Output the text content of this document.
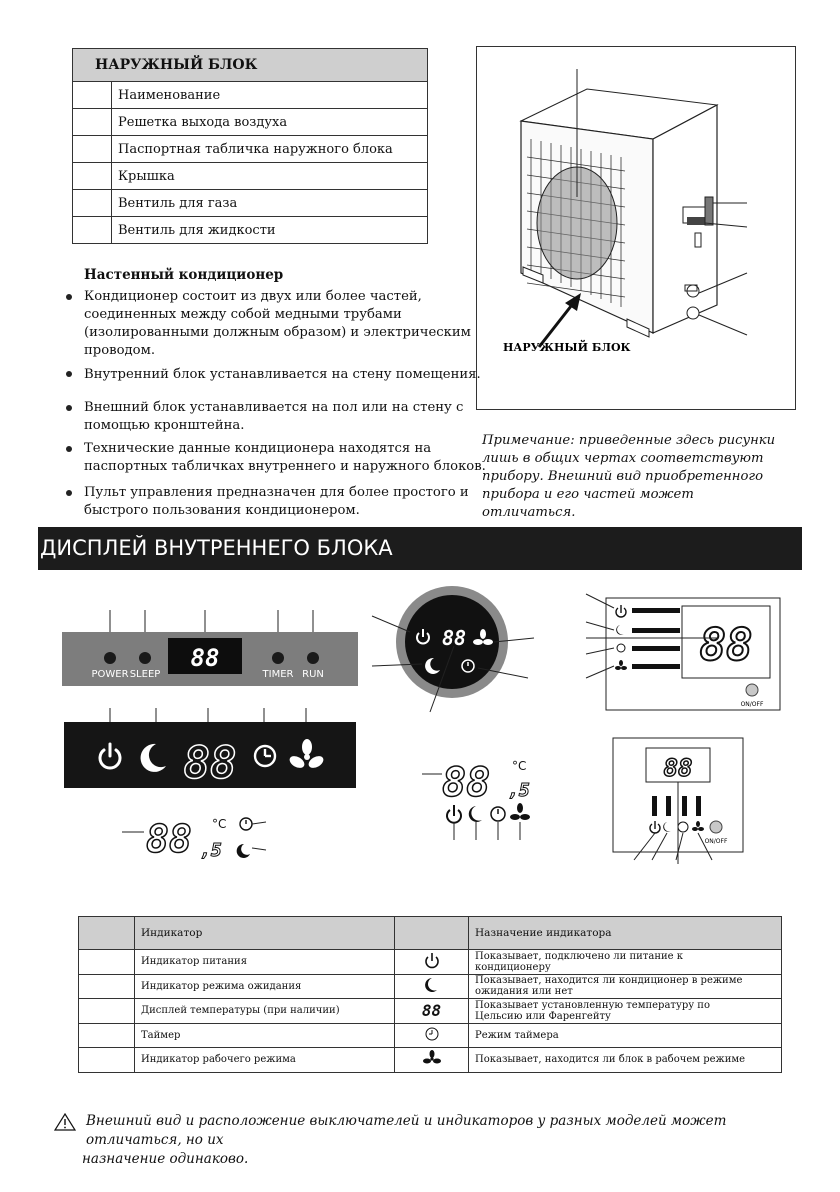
НАРУЖНЫЙ БЛОК	
	Наименование
	Решетка выхода воздуха
	Паспортная табличка наружного блока
	Крышка
	Вентиль для газа
	Вентиль для жидкости
НАРУЖНЫЙ БЛОК
Настенный кондиционер
Кондиционер состоит из двух или более частей,
соединенных между собой медными трубами
(изолированными должным образом) и электрическим
проводом.
Внутренний блок устанавливается на стену помещения.
Внешний блок устанавливается на пол или на стену с
помощью кронштейна.
Технические данные кондиционера находятся на
паспортных табличках внутреннего и наружного блоков.
Пульт управления предназначен для более простого и
быстрого пользования кондиционером.
Примечание: приведенные здесь рисунки
лишь в общих чертах соответствуют
прибору. Внешний вид приобретенного
прибора и его частей может отличаться.
ДИСПЛЕЙ ВНУТРЕННЕГО БЛОКА
88
POWER SLEEP	TIMER RUN
88
88 ,5
°C
88
88 °C
,5
88
ON/OFF
88
ON/OFF
	Индикатор		Назначение индикатора
	Индикатор питания		Показывает, подключено ли питание к
кондиционеру

	Индикатор режима ожидания		Показывает, находится ли кондиционер в режиме
ожидания или нет

	Дисплей температуры (при наличии)	88	Показывает установленную температуру по
Цельсию или Фаренгейту

	Таймер		Режим таймера

	Индикатор рабочего режима		Показывает, находится ли блок в рабочем режиме
Внешний вид и расположение выключателей и индикаторов у разных моделей может отличаться, но их
назначение одинаково.
